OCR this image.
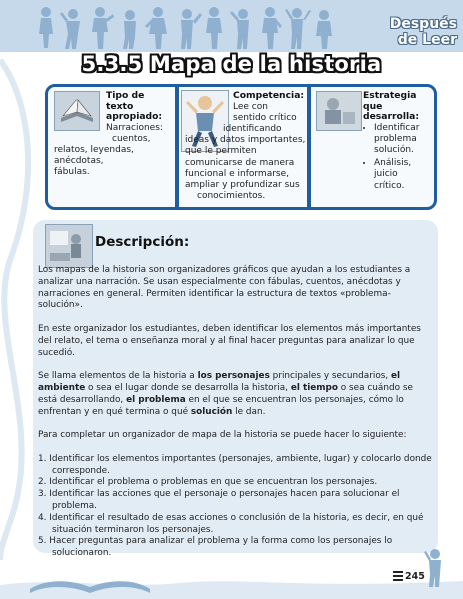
Después
de Leer
5.3.5 Mapa de la historia
Tipo de texto
apropiado:
Narraciones:
cuentos,
relatos, leyendas,
anécdotas,
fábulas.
Competencia:
Lee con
sentido crítico
identificando
ideas y datos importantes,
que le permiten
comunicarse de manera
funcional e informarse,
ampliar y profundizar sus
conocimientos.
Estrategia que
desarrolla:
• Identificar
problema
solución.
• Análisis, juicio
crítico.
Descripción:

Los mapas de la historia son organizadores gráficos que ayudan a los estudiantes a analizar una narración. Se usan especialmente con fábulas, cuentos, anécdotas y narraciones en general. Permiten identificar la estructura de textos «problema-solución».

En este organizador los estudiantes, deben identificar los elementos más importantes del relato, el tema o enseñanza moral y al final hacer preguntas para analizar lo que sucedió.

Se llama elementos de la historia a los personajes principales y secundarios, el ambiente o sea el lugar donde se desarrolla la historia, el tiempo o sea cuándo se está desarrollando, el problema en el que se encuentran los personajes, cómo lo enfrentan y en qué termina o qué solución le dan.

Para completar un organizador de mapa de la historia se puede hacer lo siguiente:

1. Identificar los elementos importantes (personajes, ambiente, lugar) y colocarlo donde corresponde.
2. Identificar el problema o problemas en que se encuentran los personajes.
3. Identificar las acciones que el personaje o personajes hacen para solucionar el problema.
4. Identificar el resultado de esas acciones o conclusión de la historia, es decir, en qué situación terminaron los personajes.
5. Hacer preguntas para analizar el problema y la forma como los personajes lo solucionaron.
245
